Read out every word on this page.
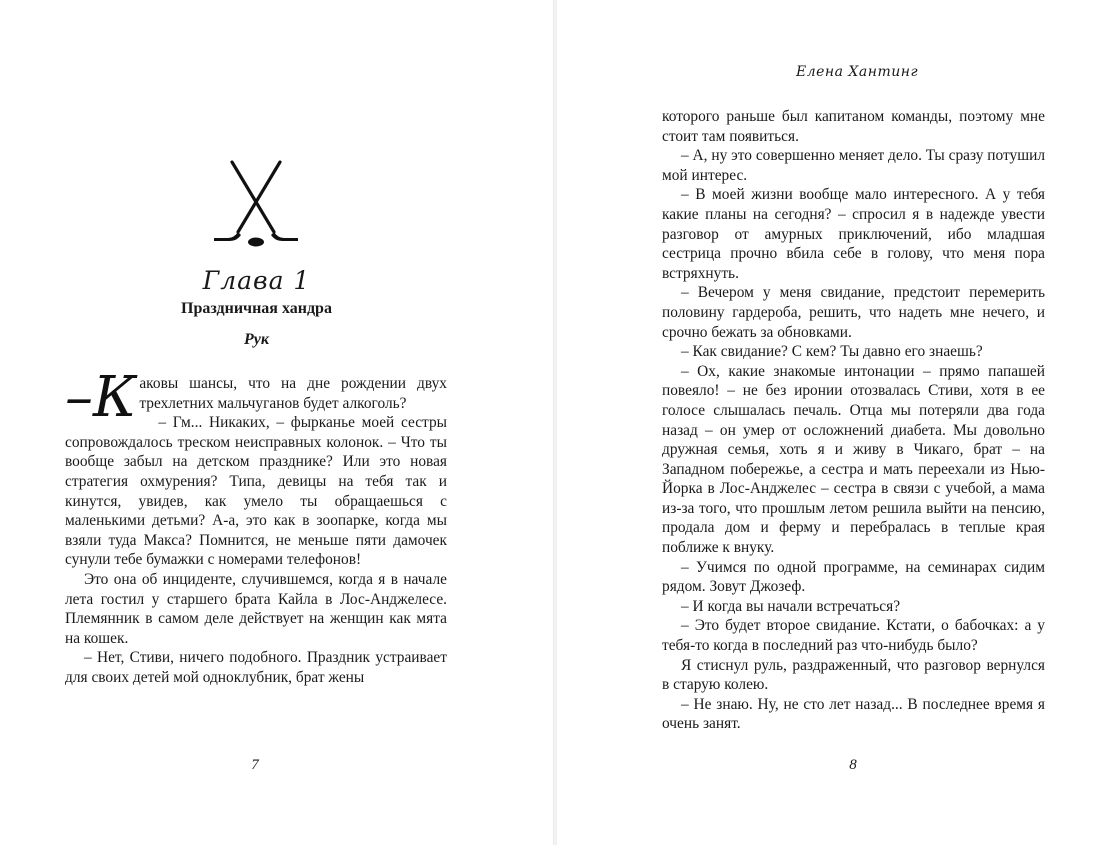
Глава 1
Праздничная хандра
Рук

–К аковы шансы, что на дне рождении двух трехлетних мальчуганов будет алкоголь?

– Гм... Никаких, – фырканье моей сестры сопровождалось треском неисправных колонок. – Что ты вообще забыл на детском празднике? Или это новая стратегия охмурения? Типа, девицы на тебя так и кинутся, увидев, как умело ты обращаешься с маленькими детьми? А-а, это как в зоопарке, когда мы взяли туда Макса? Помнится, не меньше пяти дамочек сунули тебе бумажки с номерами телефонов!

Это она об инциденте, случившемся, когда я в начале лета гостил у старшего брата Кайла в Лос-Анджелесе. Племянник в самом деле действует на женщин как мята на кошек.

– Нет, Стиви, ничего подобного. Праздник устраивает для своих детей мой одноклубник, брат жены

7
Елена Хантинг

которого раньше был капитаном команды, поэтому мне стоит там появиться.

– А, ну это совершенно меняет дело. Ты сразу потушил мой интерес.

– В моей жизни вообще мало интересного. А у тебя какие планы на сегодня? – спросил я в надежде увести разговор от амурных приключений, ибо младшая сестрица прочно вбила себе в голову, что меня пора встряхнуть.

– Вечером у меня свидание, предстоит перемерить половину гардероба, решить, что надеть мне нечего, и срочно бежать за обновками.

– Как свидание? С кем? Ты давно его знаешь?

– Ох, какие знакомые интонации – прямо папашей повеяло! – не без иронии отозвалась Стиви, хотя в ее голосе слышалась печаль. Отца мы потеряли два года назад – он умер от осложнений диабета. Мы довольно дружная семья, хоть я и живу в Чикаго, брат – на Западном побережье, а сестра и мать переехали из Нью-Йорка в Лос-Анджелес – сестра в связи с учебой, а мама из-за того, что прошлым летом решила выйти на пенсию, продала дом и ферму и перебралась в теплые края поближе к внуку.

– Учимся по одной программе, на семинарах сидим рядом. Зовут Джозеф.

– И когда вы начали встречаться?

– Это будет второе свидание. Кстати, о бабочках: а у тебя-то когда в последний раз что-нибудь было?

Я стиснул руль, раздраженный, что разговор вернулся в старую колею.

– Не знаю. Ну, не сто лет назад... В последнее время я очень занят.

8
